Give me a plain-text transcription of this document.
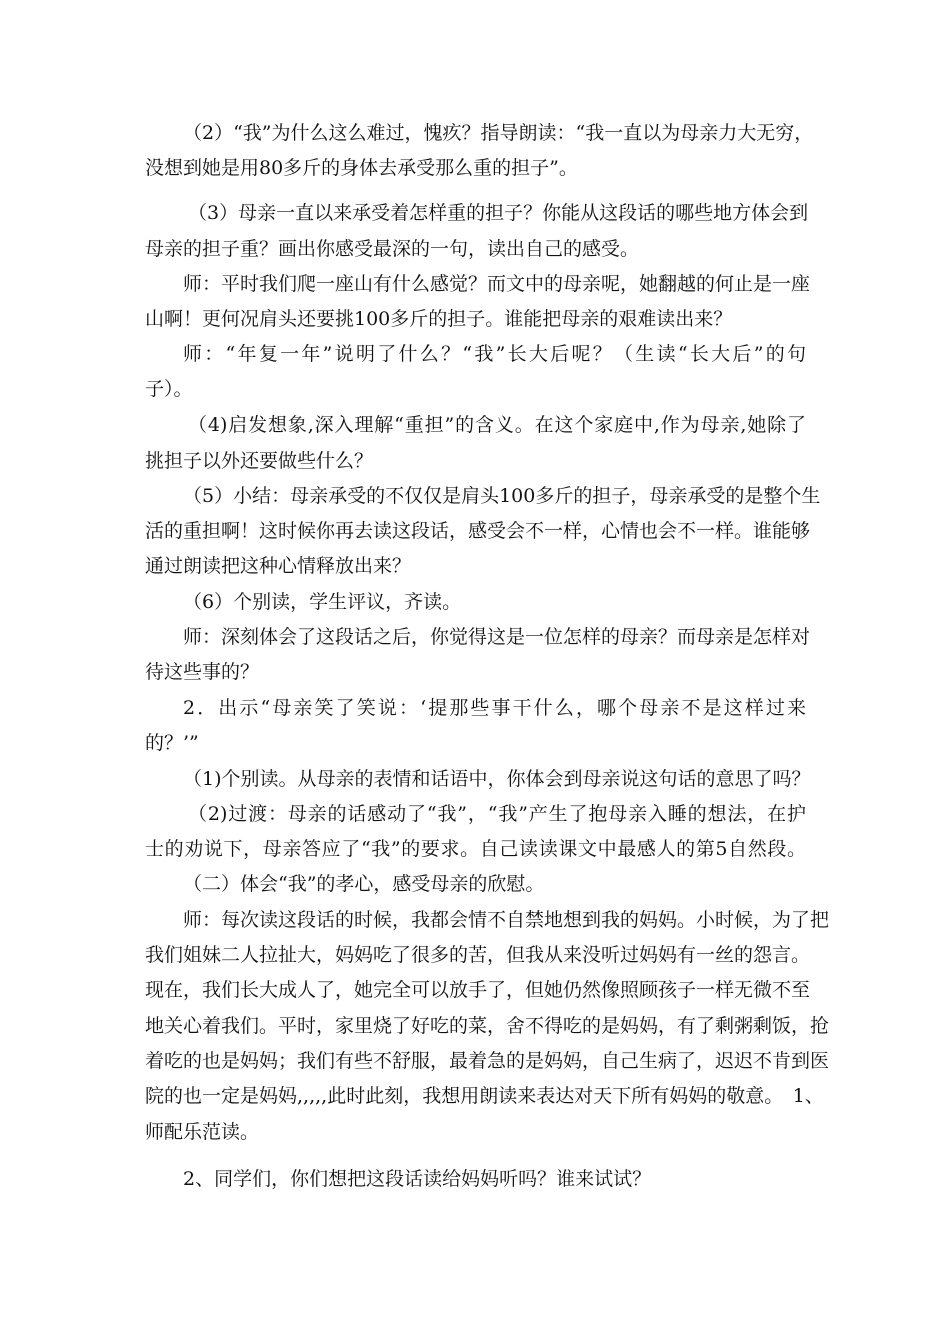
（2）“我”为什么这么难过，愧疚？指导朗读：“我一直以为母亲力大无穷，
没想到她是用80多斤的身体去承受那么重的担子”。
（3）母亲一直以来承受着怎样重的担子？你能从这段话的哪些地方体会到
母亲的担子重？画出你感受最深的一句，读出自己的感受。
师：平时我们爬一座山有什么感觉？而文中的母亲呢，她翻越的何止是一座
山啊！更何况肩头还要挑100多斤的担子。谁能把母亲的艰难读出来？
师：“年复一年”说明了什么？“我”长大后呢？（生读“长大后”的句
子）。
（4)启发想象,深入理解“重担”的含义。在这个家庭中,作为母亲,她除了
挑担子以外还要做些什么？
（5）小结：母亲承受的不仅仅是肩头100多斤的担子，母亲承受的是整个生
活的重担啊！这时候你再去读这段话，感受会不一样，心情也会不一样。谁能够
通过朗读把这种心情释放出来？
（6）个别读，学生评议，齐读。
师：深刻体会了这段话之后，你觉得这是一位怎样的母亲？而母亲是怎样对
待这些事的？
2．出示“母亲笑了笑说：‘提那些事干什么，哪个母亲不是这样过来
的？’”
（1)个别读。从母亲的表情和话语中，你体会到母亲说这句话的意思了吗？
（2)过渡：母亲的话感动了“我”，“我”产生了抱母亲入睡的想法，在护
士的劝说下，母亲答应了“我”的要求。自己读读课文中最感人的第5自然段。
（二）体会“我”的孝心，感受母亲的欣慰。
师：每次读这段话的时候，我都会情不自禁地想到我的妈妈。小时候，为了把
我们姐妹二人拉扯大，妈妈吃了很多的苦，但我从来没听过妈妈有一丝的怨言。
现在，我们长大成人了，她完全可以放手了，但她仍然像照顾孩子一样无微不至
地关心着我们。平时，家里烧了好吃的菜，舍不得吃的是妈妈，有了剩粥剩饭，抢
着吃的也是妈妈；我们有些不舒服，最着急的是妈妈，自己生病了，迟迟不肯到医
院的也一定是妈妈,,,,,此时此刻，我想用朗读来表达对天下所有妈妈的敬意。　1、
师配乐范读。
2、同学们，你们想把这段话读给妈妈听吗？谁来试试？
